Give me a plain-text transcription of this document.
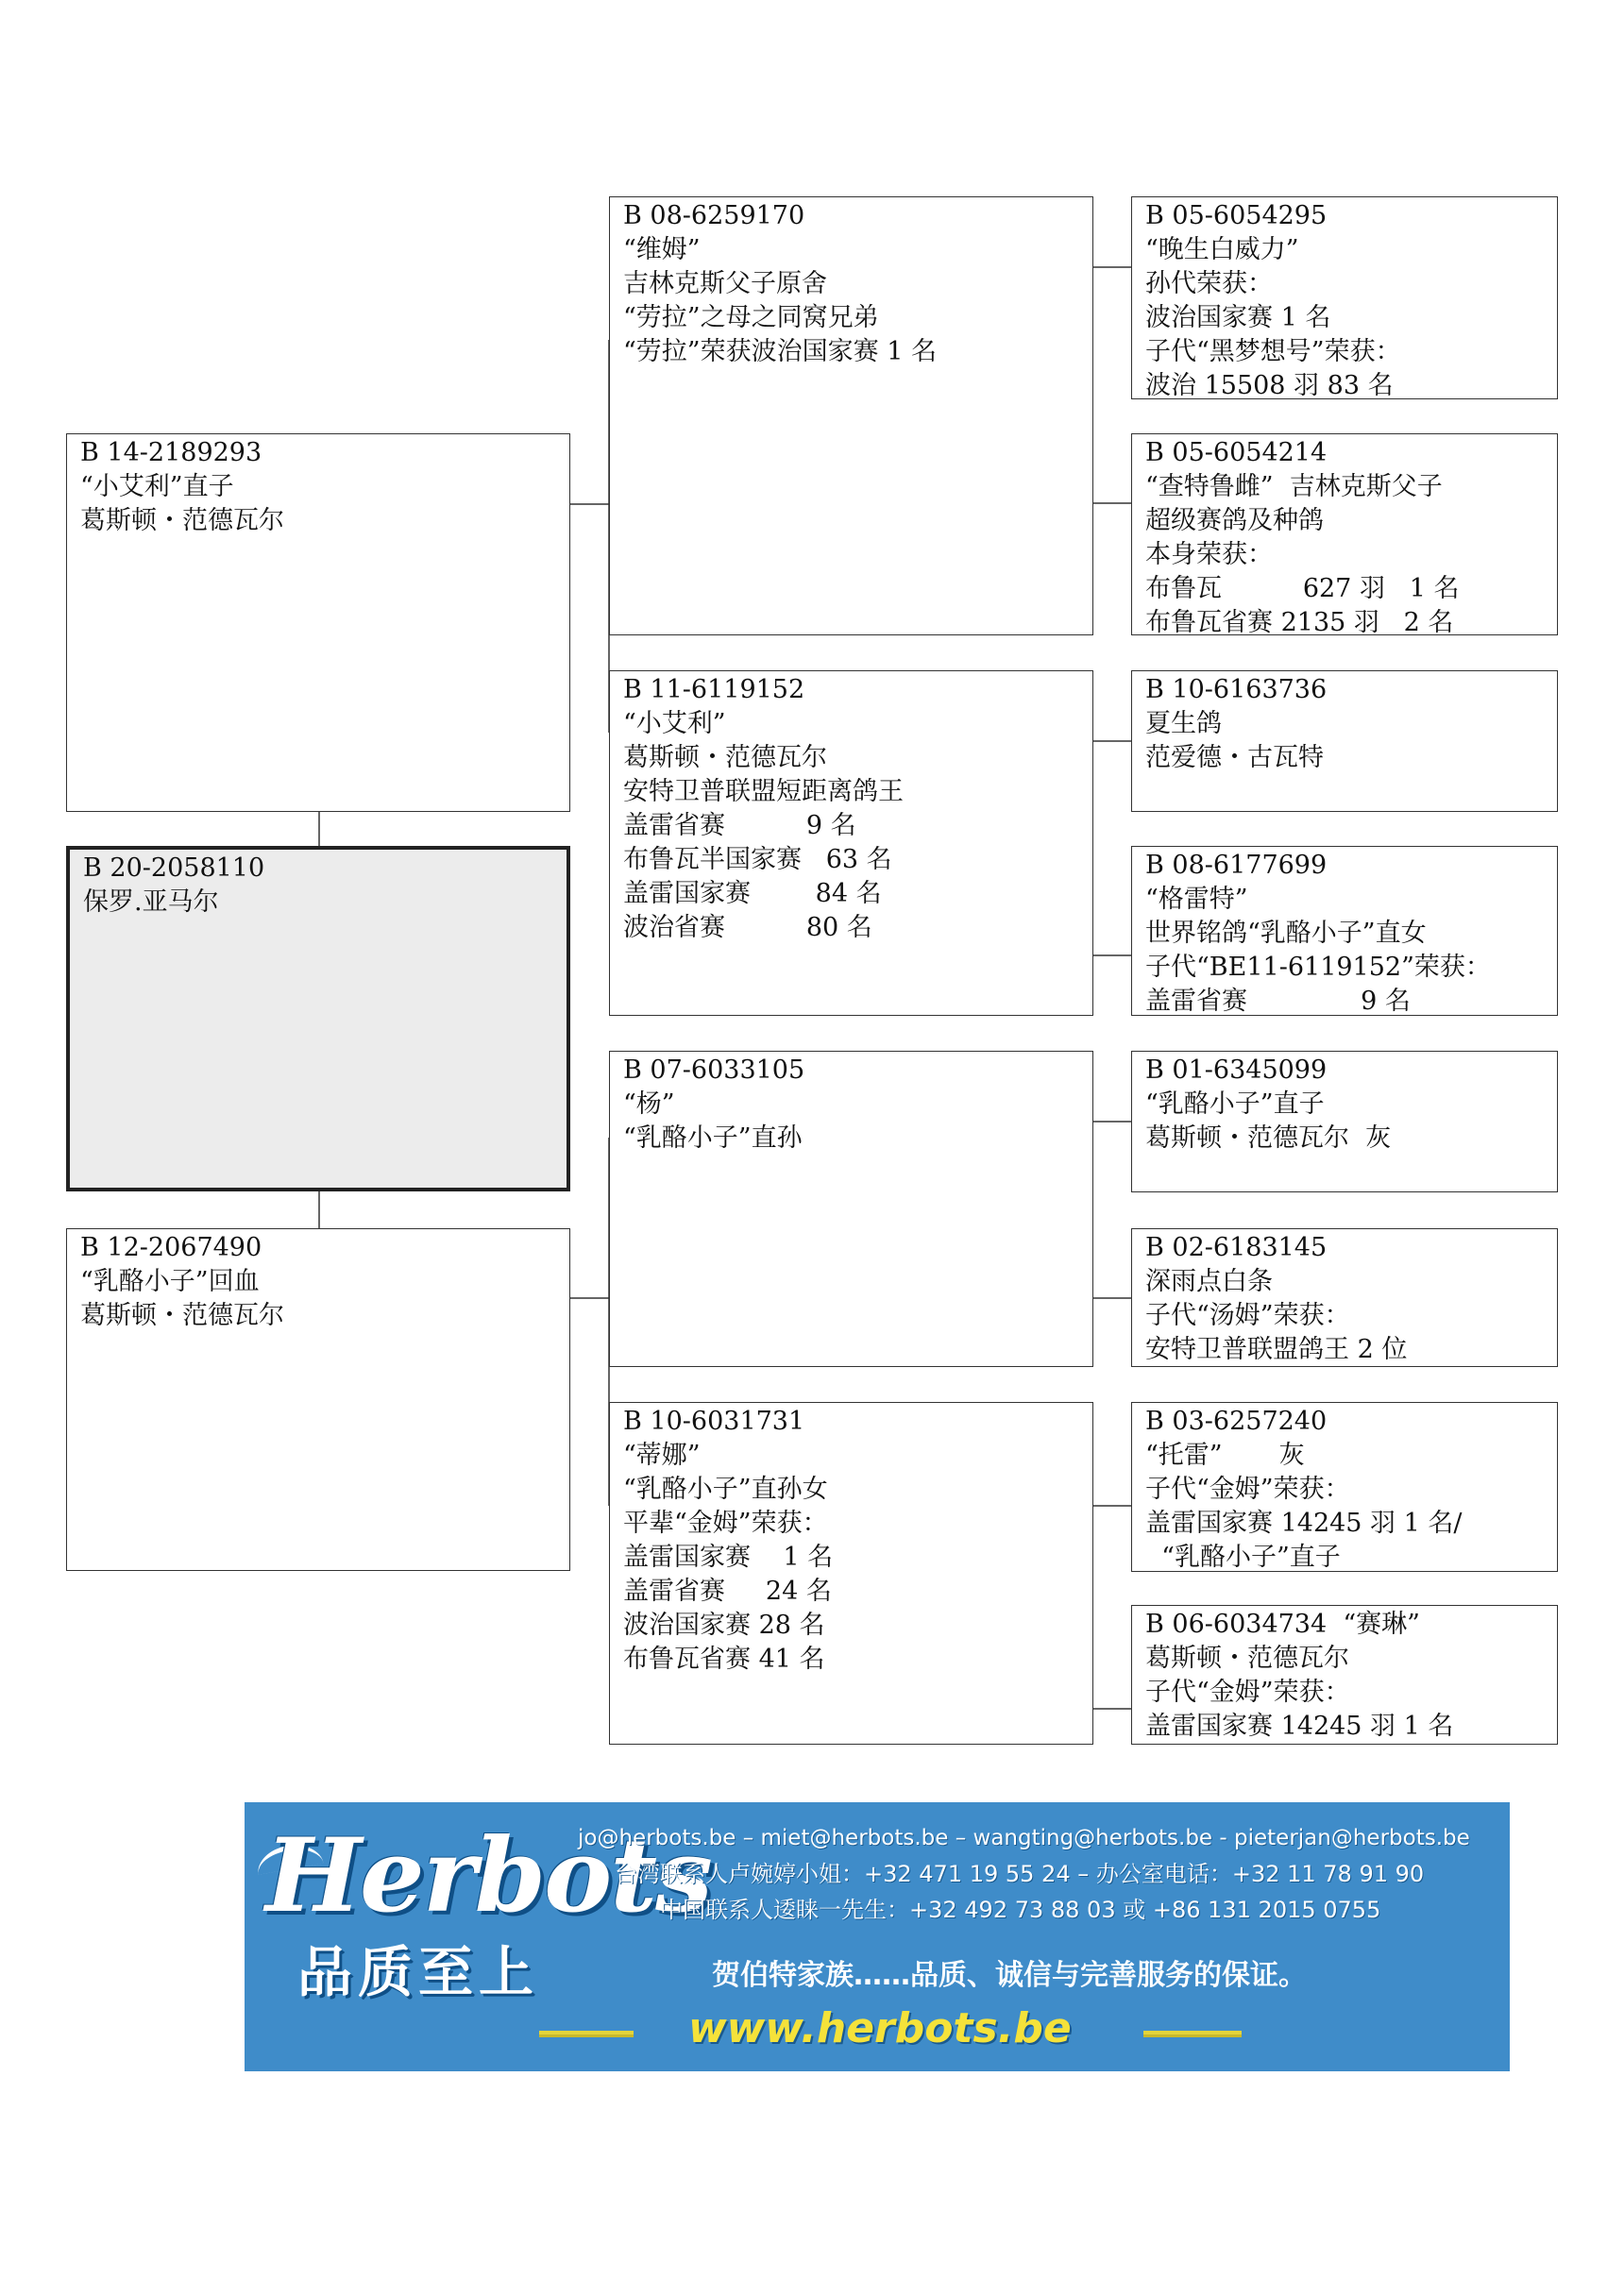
B 14-2189293
“小艾利”直子
葛斯顿・范德瓦尔
B 20-2058110
保罗.亚马尔
B 12-2067490
“乳酪小子”回血
葛斯顿・范德瓦尔
B 08-6259170
“维姆”
吉林克斯父子原舍
“劳拉”之母之同窝兄弟
“劳拉”荣获波治国家赛 1 名
B 11-6119152
“小艾利”
葛斯顿・范德瓦尔
安特卫普联盟短距离鸽王
盖雷省赛          9 名
布鲁瓦半国家赛   63 名
盖雷国家赛        84 名
波治省赛          80 名
B 07-6033105
“杨”
“乳酪小子”直孙
B 10-6031731
“蒂娜”
“乳酪小子”直孙女
平辈“金姆”荣获：
盖雷国家赛    1 名
盖雷省赛     24 名
波治国家赛 28 名
布鲁瓦省赛 41 名
B 05-6054295
“晚生白威力”
孙代荣获：
波治国家赛 1 名
子代“黑梦想号”荣获：
波治 15508 羽 83 名
B 05-6054214
“查特鲁雌”  吉林克斯父子
超级赛鸽及种鸽
本身荣获：
布鲁瓦          627 羽   1 名
布鲁瓦省赛 2135 羽   2 名
B 10-6163736
夏生鸽
范爱德・古瓦特
B 08-6177699
“格雷特”
世界铭鸽“乳酪小子”直女
子代“BE11-6119152”荣获：
盖雷省赛              9 名
B 01-6345099
“乳酪小子”直子
葛斯顿・范德瓦尔  灰
B 02-6183145
深雨点白条
子代“汤姆”荣获：
安特卫普联盟鸽王 2 位
B 03-6257240
“托雷”       灰
子代“金姆”荣获：
盖雷国家赛 14245 羽 1 名/
“乳酪小子”直子
B 06-6034734  “赛琳”
葛斯顿・范德瓦尔
子代“金姆”荣获：
盖雷国家赛 14245 羽 1 名
Herbots
品质至上
jo@herbots.be – miet@herbots.be – wangting@herbots.be - pieterjan@herbots.be
台湾联系人卢婉婷小姐：+32 471 19 55 24 – 办公室电话：+32 11 78 91 90
中国联系人逶睐一先生：+32 492 73 88 03 或 +86 131 2015 0755
贺伯特家族……品质、诚信与完善服务的保证。
www.herbots.be
